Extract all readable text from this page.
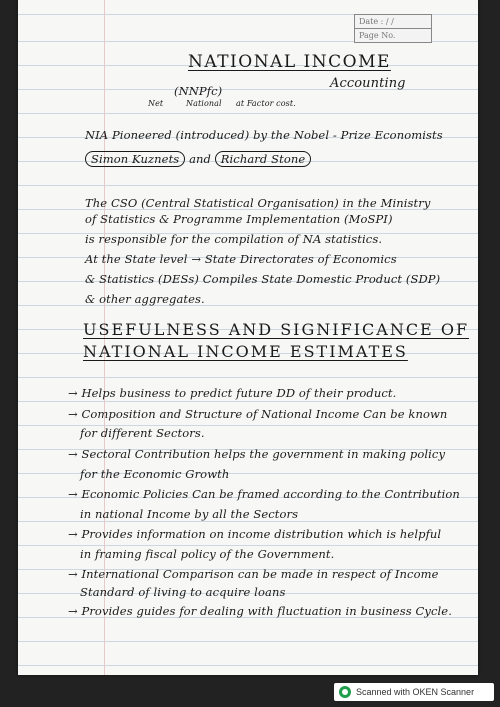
Date : / /
Page No.
NATIONAL INCOME
Accounting
(NNPfc)
Net	National at Factor cost.
NIA Pioneered (introduced) by the Nobel - Prize Economists
Simon Kuznets and Richard Stone
The CSO (Central Statistical Organisation) in the Ministry
of Statistics & Programme Implementation (MoSPI)
is responsible for the compilation of NA statistics.
At the State level → State Directorates of Economics
& Statistics (DESs) Compiles State Domestic Product (SDP)
& other aggregates.
USEFULNESS AND SIGNIFICANCE OF
NATIONAL INCOME ESTIMATES
→ Helps business to predict future DD of their product.
→ Composition and Structure of National Income Can be known
for different Sectors.
→ Sectoral Contribution helps the government in making policy
for the Economic Growth
→ Economic Policies Can be framed according to the Contribution
in national Income by all the Sectors
→ Provides information on income distribution which is helpful
in framing fiscal policy of the Government.
→ International Comparison can be made in respect of Income
Standard of living to acquire loans
→ Provides guides for dealing with fluctuation in business Cycle.
Scanned with OKEN Scanner
